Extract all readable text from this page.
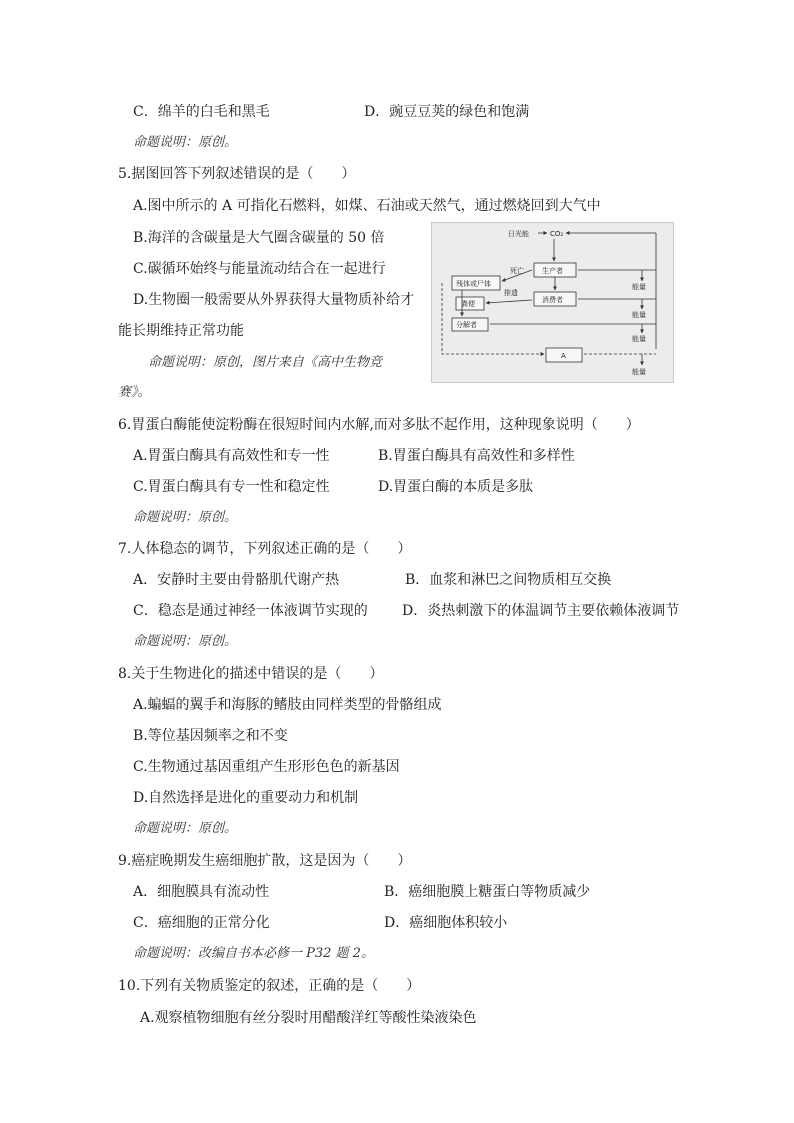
C．绵羊的白毛和黑毛	D．豌豆豆荚的绿色和饱满
命题说明：原创。
5.据图回答下列叙述错误的是（　　）
A.图中所示的 A 可指化石燃料，如煤、石油或天然气，通过燃烧回到大气中
B.海洋的含碳量是大气圈含碳量的 50 倍
C.碳循环始终与能量流动结合在一起进行
D.生物圈一般需要从外界获得大量物质补给才
能长期维持正常功能
命题说明：原创，图片来自《高中生物竞
赛》。
日光能	CO₂
生产者
消费者
残体或尸体
死亡
粪便
排遗
分解者
A
能量
能量
能量
能量
6.胃蛋白酶能使淀粉酶在很短时间内水解,而对多肽不起作用，这种现象说明（　　）
A.胃蛋白酶具有高效性和专一性	B.胃蛋白酶具有高效性和多样性
C.胃蛋白酶具有专一性和稳定性	D.胃蛋白酶的本质是多肽
命题说明：原创。
7.人体稳态的调节，下列叙述正确的是（　　）
A．安静时主要由骨骼肌代谢产热	B．血浆和淋巴之间物质相互交换
C．稳态是通过神经一体液调节实现的 D．炎热刺激下的体温调节主要依赖体液调节
命题说明：原创。
8.关于生物进化的描述中错误的是（　　）
A.蝙蝠的翼手和海豚的鳍肢由同样类型的骨骼组成
B.等位基因频率之和不变
C.生物通过基因重组产生形形色色的新基因
D.自然选择是进化的重要动力和机制
命题说明：原创。
9.癌症晚期发生癌细胞扩散，这是因为（　　）
A．细胞膜具有流动性	B．癌细胞膜上糖蛋白等物质减少
C．癌细胞的正常分化	D．癌细胞体积较小
命题说明：改编自书本必修一 P32 题 2。
10.下列有关物质鉴定的叙述，正确的是（　　）
A.观察植物细胞有丝分裂时用醋酸洋红等酸性染液染色
